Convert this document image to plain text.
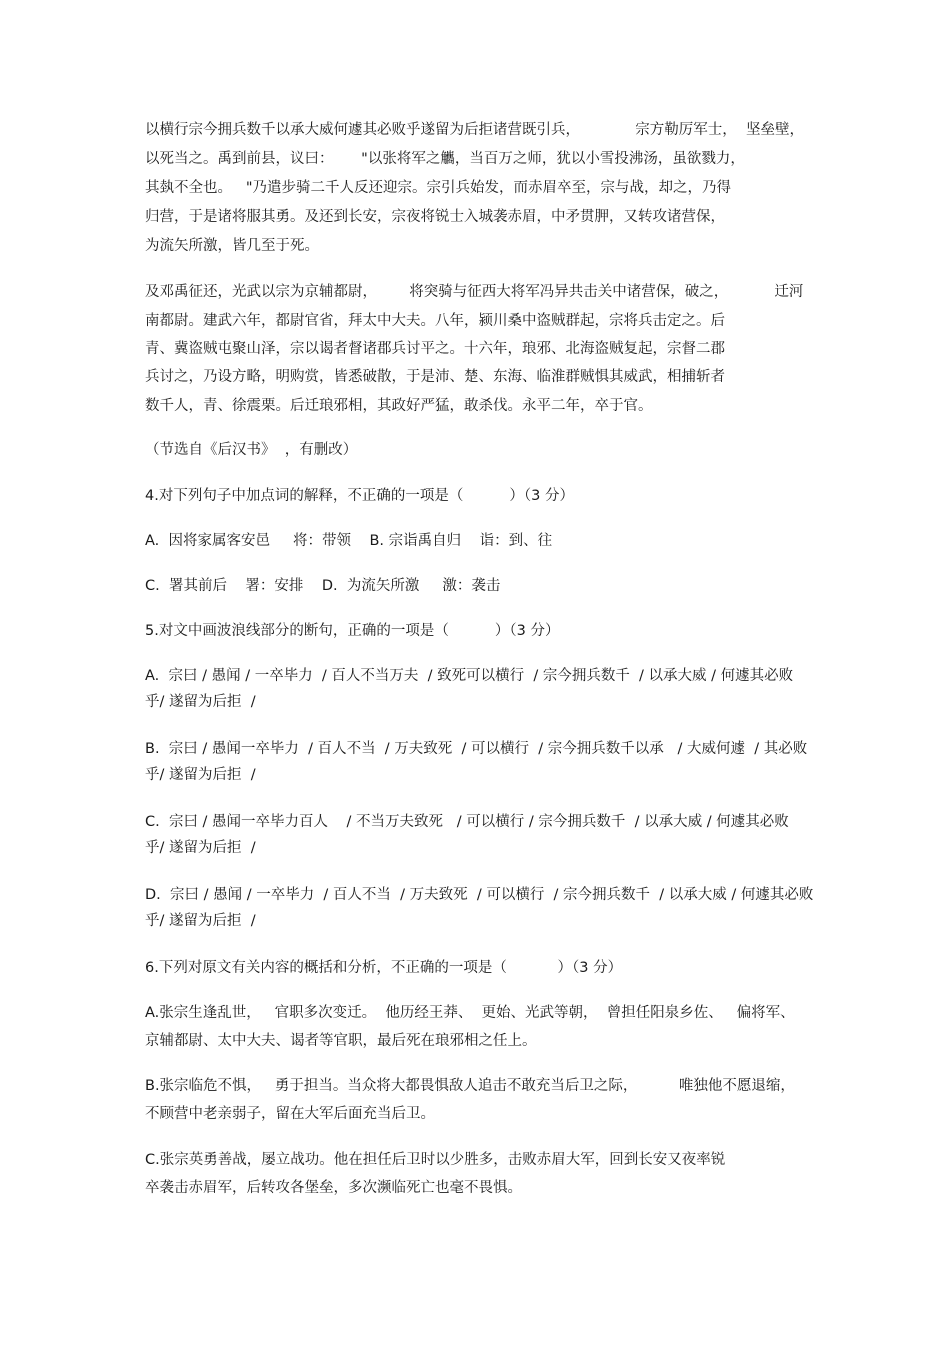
以横行宗今拥兵数千以承大威何遽其必败乎遂留为后拒诸营既引兵，            宗方勒厉军士，  坚垒壁，
以死当之。禹到前县，议曰：      "以张将军之觿，当百万之师，犹以小雪投沸汤，虽欲戮力，
其埶不全也。   "乃遣步骑二千人反还迎宗。宗引兵始发，而赤眉卒至，宗与战，却之，乃得
归营，于是诸将服其勇。及还到长安，宗夜将锐士入城袭赤眉，中矛贯胛，又转攻诸营保，
为流矢所激，皆几至于死。
及邓禹征还，光武以宗为京辅都尉，       将突骑与征西大将军冯异共击关中诸营保，破之，          迁河
南都尉。建武六年，都尉官省，拜太中大夫。八年，颍川桑中盗贼群起，宗将兵击定之。后
青、冀盗贼屯聚山泽，宗以谒者督诸郡兵讨平之。十六年，琅邪、北海盗贼复起，宗督二郡
兵讨之，乃设方略，明购赏，皆悉破散，于是沛、楚、东海、临淮群贼惧其威武，相捕斩者
数千人，青、徐震栗。后迁琅邪相，其政好严猛，敢杀伐。永平二年，卒于官。
（节选自《后汉书》  ，有删改）
4.对下列句子中加点词的解释，不正确的一项是（          ）（3 分）
A.  因将家属客安邑     将：带领    B. 宗诣禹自归    诣：到、往
C.  署其前后    署：安排    D.  为流矢所激     激：袭击
5.对文中画波浪线部分的断句，正确的一项是（          ）（3 分）
A.  宗曰 / 愚闻 / 一卒毕力  / 百人不当万夫  / 致死可以横行  / 宗今拥兵数千  / 以承大威 / 何遽其必败
乎/ 遂留为后拒  /
B.  宗曰 / 愚闻一卒毕力  / 百人不当  / 万夫致死  / 可以横行  / 宗今拥兵数千以承   / 大威何遽  / 其必败
乎/ 遂留为后拒  /
C.  宗曰 / 愚闻一卒毕力百人    / 不当万夫致死   / 可以横行 / 宗今拥兵数千  / 以承大威 / 何遽其必败
乎/ 遂留为后拒  /
D.  宗曰 / 愚闻 / 一卒毕力  / 百人不当  / 万夫致死  / 可以横行  / 宗今拥兵数千  / 以承大威 / 何遽其必败
乎/ 遂留为后拒  /
6.下列对原文有关内容的概括和分析，不正确的一项是（           ）（3 分）
A.张宗生逢乱世，   官职多次变迁。  他历经王莽、  更始、光武等朝，  曾担任阳泉乡佐、   偏将军、
京辅都尉、太中大夫、谒者等官职，最后死在琅邪相之任上。
B.张宗临危不惧，   勇于担当。当众将大都畏惧敌人追击不敢充当后卫之际，         唯独他不愿退缩，
不顾营中老亲弱子，留在大军后面充当后卫。
C.张宗英勇善战，屡立战功。他在担任后卫时以少胜多，击败赤眉大军，回到长安又夜率锐
卒袭击赤眉军，后转攻各堡垒，多次濒临死亡也毫不畏惧。
